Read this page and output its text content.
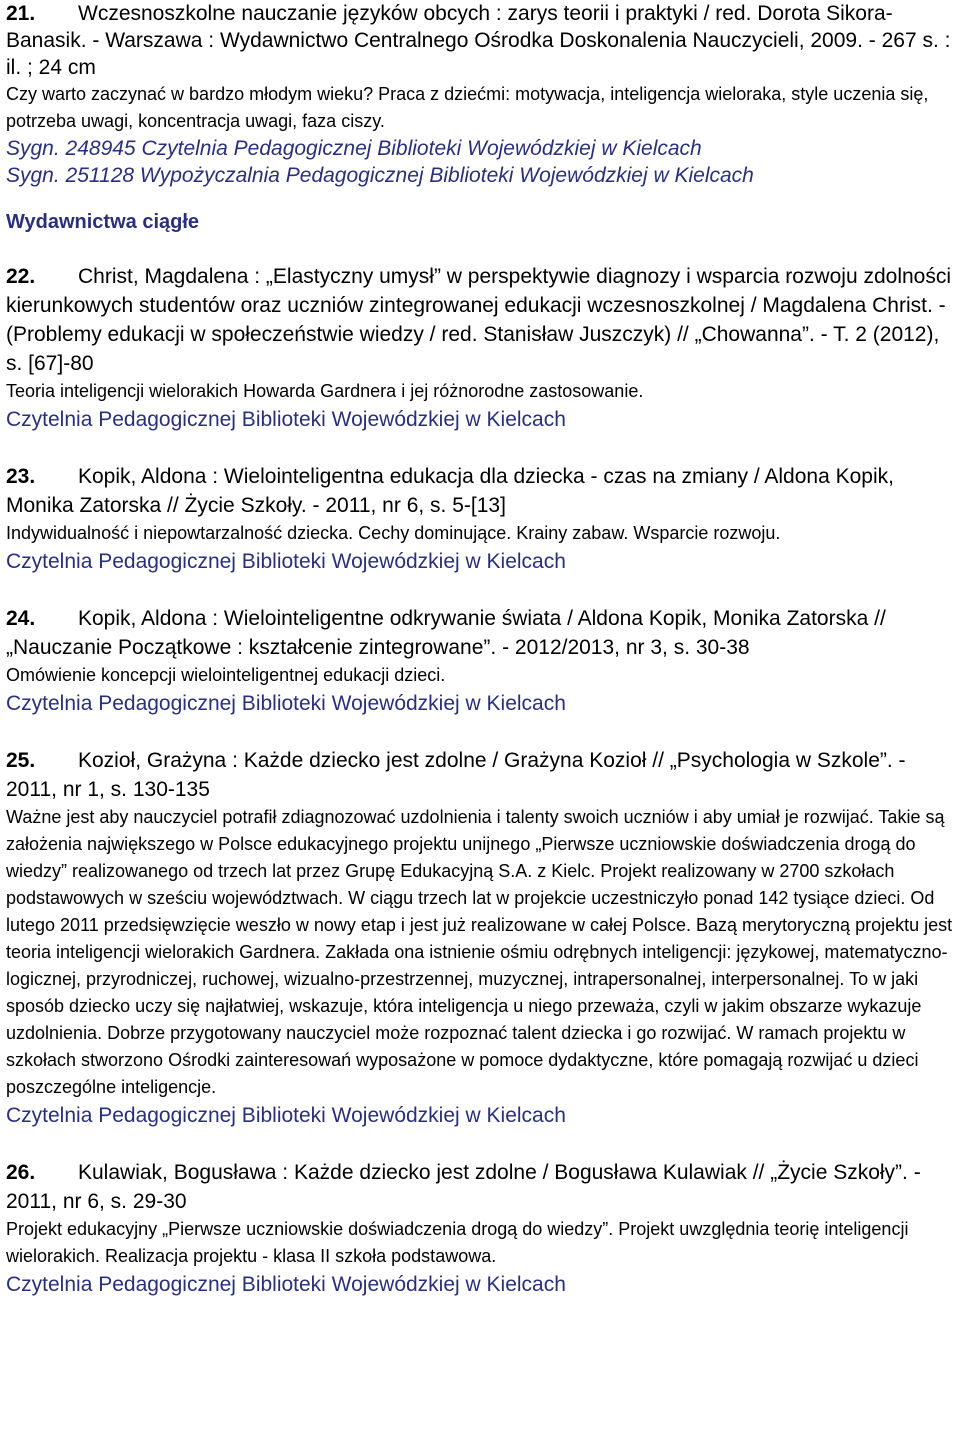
21. Wczesnoszkolne nauczanie języków obcych : zarys teorii i praktyki / red. Dorota Sikora-Banasik. - Warszawa : Wydawnictwo Centralnego Ośrodka Doskonalenia Nauczycieli, 2009. - 267 s. : il. ; 24 cm
Czy warto zaczynać w bardzo młodym wieku? Praca z dziećmi: motywacja, inteligencja wieloraka, style uczenia się, potrzeba uwagi, koncentracja uwagi, faza ciszy.
Sygn. 248945 Czytelnia Pedagogicznej Biblioteki Wojewódzkiej w Kielcach
Sygn. 251128 Wypożyczalnia Pedagogicznej Biblioteki Wojewódzkiej w Kielcach
Wydawnictwa ciągłe
22. Christ, Magdalena : „Elastyczny umysł” w perspektywie diagnozy i wsparcia rozwoju zdolności kierunkowych studentów oraz uczniów zintegrowanej edukacji wczesnoszkolnej / Magdalena Christ. - (Problemy edukacji w społeczeństwie wiedzy / red. Stanisław Juszczyk) // „Chowanna”. - T. 2 (2012), s. [67]-80
Teoria inteligencji wielorakich Howarda Gardnera i jej różnorodne zastosowanie.
Czytelnia Pedagogicznej Biblioteki Wojewódzkiej w Kielcach
23. Kopik, Aldona : Wielointeligentna edukacja dla dziecka - czas na zmiany / Aldona Kopik, Monika Zatorska // Życie Szkoły. - 2011, nr 6, s. 5-[13]
Indywidualność i niepowtarzalność dziecka. Cechy dominujące. Krainy zabaw. Wsparcie rozwoju.
Czytelnia Pedagogicznej Biblioteki Wojewódzkiej w Kielcach
24. Kopik, Aldona : Wielointeligentne odkrywanie świata / Aldona Kopik, Monika Zatorska // „Nauczanie Początkowe : kształcenie zintegrowane”. - 2012/2013, nr 3, s. 30-38
Omówienie koncepcji wielointeligentnej edukacji dzieci.
Czytelnia Pedagogicznej Biblioteki Wojewódzkiej w Kielcach
25. Kozioł, Grażyna : Każde dziecko jest zdolne / Grażyna Kozioł // „Psychologia w Szkole”. - 2011, nr 1, s. 130-135
Ważne jest aby nauczyciel potrafił zdiagnozować uzdolnienia i talenty swoich uczniów i aby umiał je rozwijać. Takie są założenia największego w Polsce edukacyjnego projektu unijnego „Pierwsze uczniowskie doświadczenia drogą do wiedzy” realizowanego od trzech lat przez Grupę Edukacyjną S.A. z Kielc. Projekt realizowany w 2700 szkołach podstawowych w sześciu województwach. W ciągu trzech lat w projekcie uczestniczyło ponad 142 tysiące dzieci. Od lutego 2011 przedsięwzięcie weszło w nowy etap i jest już realizowane w całej Polsce. Bazą merytoryczną projektu jest teoria inteligencji wielorakich Gardnera. Zakłada ona istnienie ośmiu odrębnych inteligencji: językowej, matematyczno-logicznej, przyrodniczej, ruchowej, wizualno-przestrzennej, muzycznej, intrapersonalnej, interpersonalnej. To w jaki sposób dziecko uczy się najłatwiej, wskazuje, która inteligencja u niego przeważa, czyli w jakim obszarze wykazuje uzdolnienia. Dobrze przygotowany nauczyciel może rozpoznać talent dziecka i go rozwijać. W ramach projektu w szkołach stworzono Ośrodki zainteresowań wyposażone w pomoce dydaktyczne, które pomagają rozwijać u dzieci poszczególne inteligencje.
Czytelnia Pedagogicznej Biblioteki Wojewódzkiej w Kielcach
26. Kulawiak, Bogusława : Każde dziecko jest zdolne / Bogusława Kulawiak // „Życie Szkoły”. - 2011, nr 6, s. 29-30
Projekt edukacyjny „Pierwsze uczniowskie doświadczenia drogą do wiedzy”. Projekt uwzględnia teorię inteligencji wielorakich. Realizacja projektu - klasa II szkoła podstawowa.
Czytelnia Pedagogicznej Biblioteki Wojewódzkiej w Kielcach
